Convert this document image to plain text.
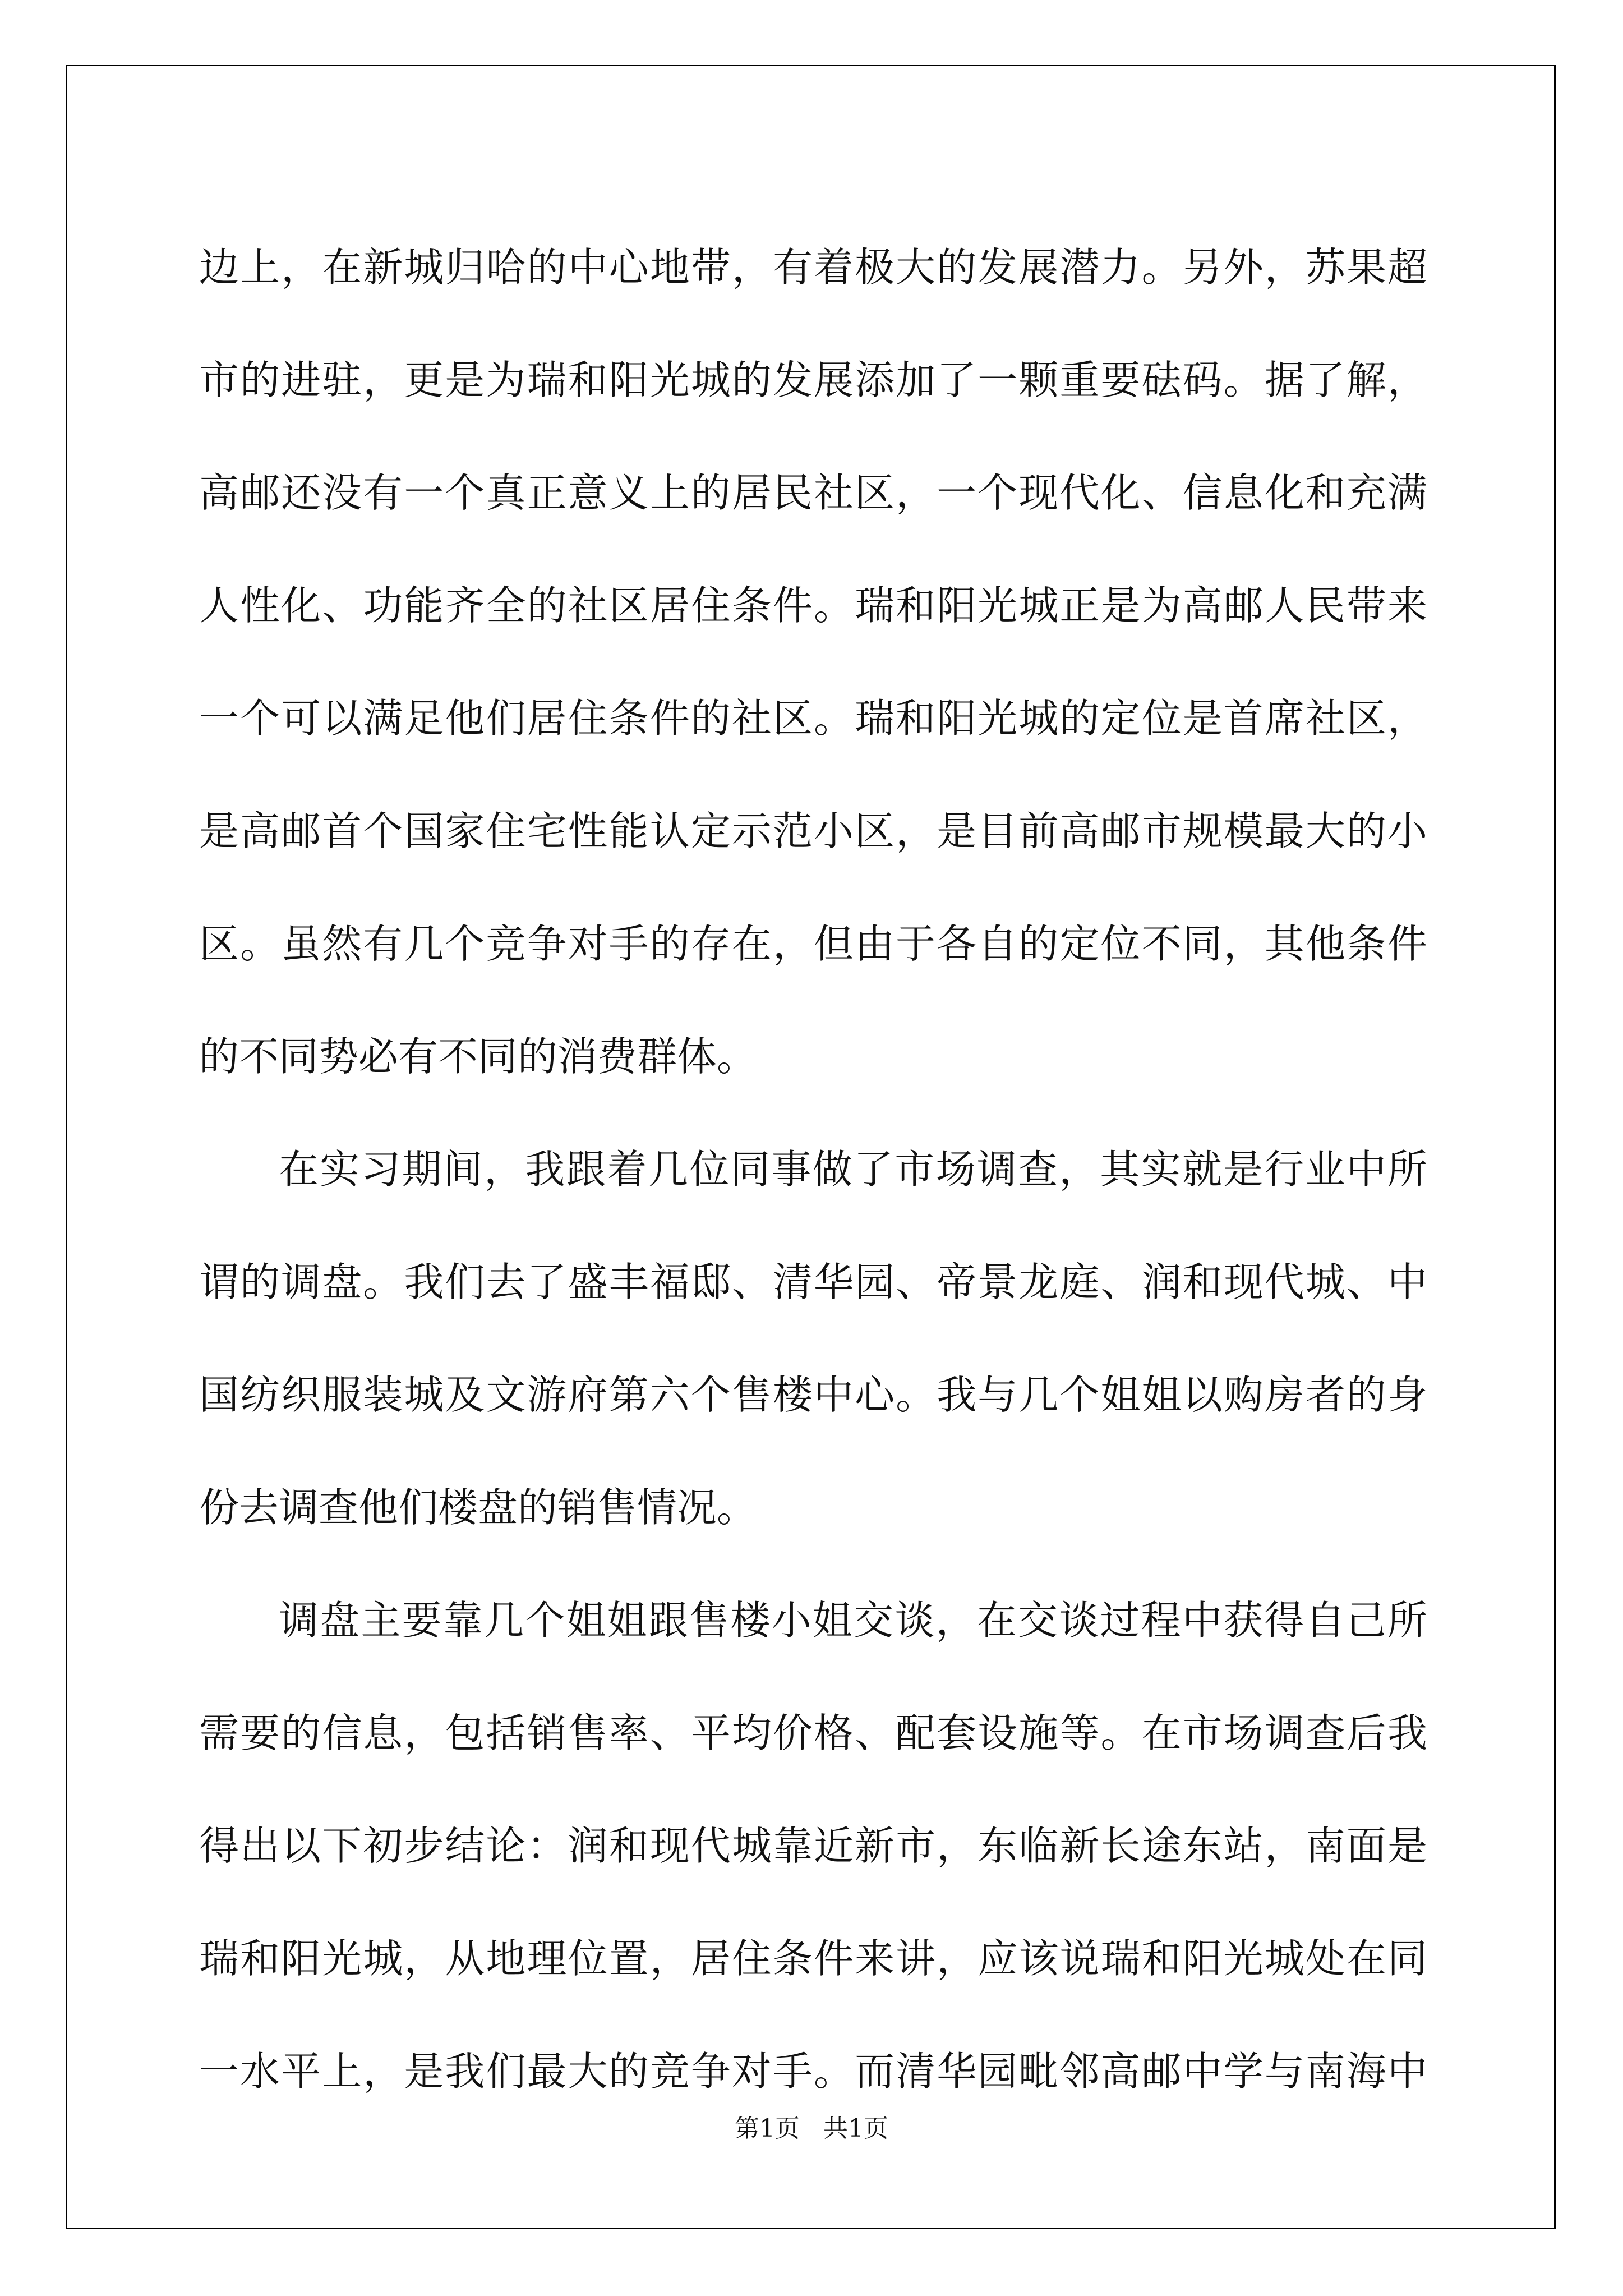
边上，在新城归哈的中心地带，有着极大的发展潜力。另外，苏果超
市的进驻，更是为瑞和阳光城的发展添加了一颗重要砝码。据了解，
高邮还没有一个真正意义上的居民社区，一个现代化、信息化和充满
人性化、功能齐全的社区居住条件。瑞和阳光城正是为高邮人民带来
一个可以满足他们居住条件的社区。瑞和阳光城的定位是首席社区，
是高邮首个国家住宅性能认定示范小区，是目前高邮市规模最大的小
区。虽然有几个竞争对手的存在，但由于各自的定位不同，其他条件
的不同势必有不同的消费群体。
在实习期间，我跟着几位同事做了市场调查，其实就是行业中所
谓的调盘。我们去了盛丰福邸、清华园、帝景龙庭、润和现代城、中
国纺织服装城及文游府第六个售楼中心。我与几个姐姐以购房者的身
份去调查他们楼盘的销售情况。
调盘主要靠几个姐姐跟售楼小姐交谈，在交谈过程中获得自己所
需要的信息，包括销售率、平均价格、配套设施等。在市场调查后我
得出以下初步结论：润和现代城靠近新市，东临新长途东站，南面是
瑞和阳光城，从地理位置，居住条件来讲，应该说瑞和阳光城处在同
一水平上，是我们最大的竞争对手。而清华园毗邻高邮中学与南海中
第1页 共1页
